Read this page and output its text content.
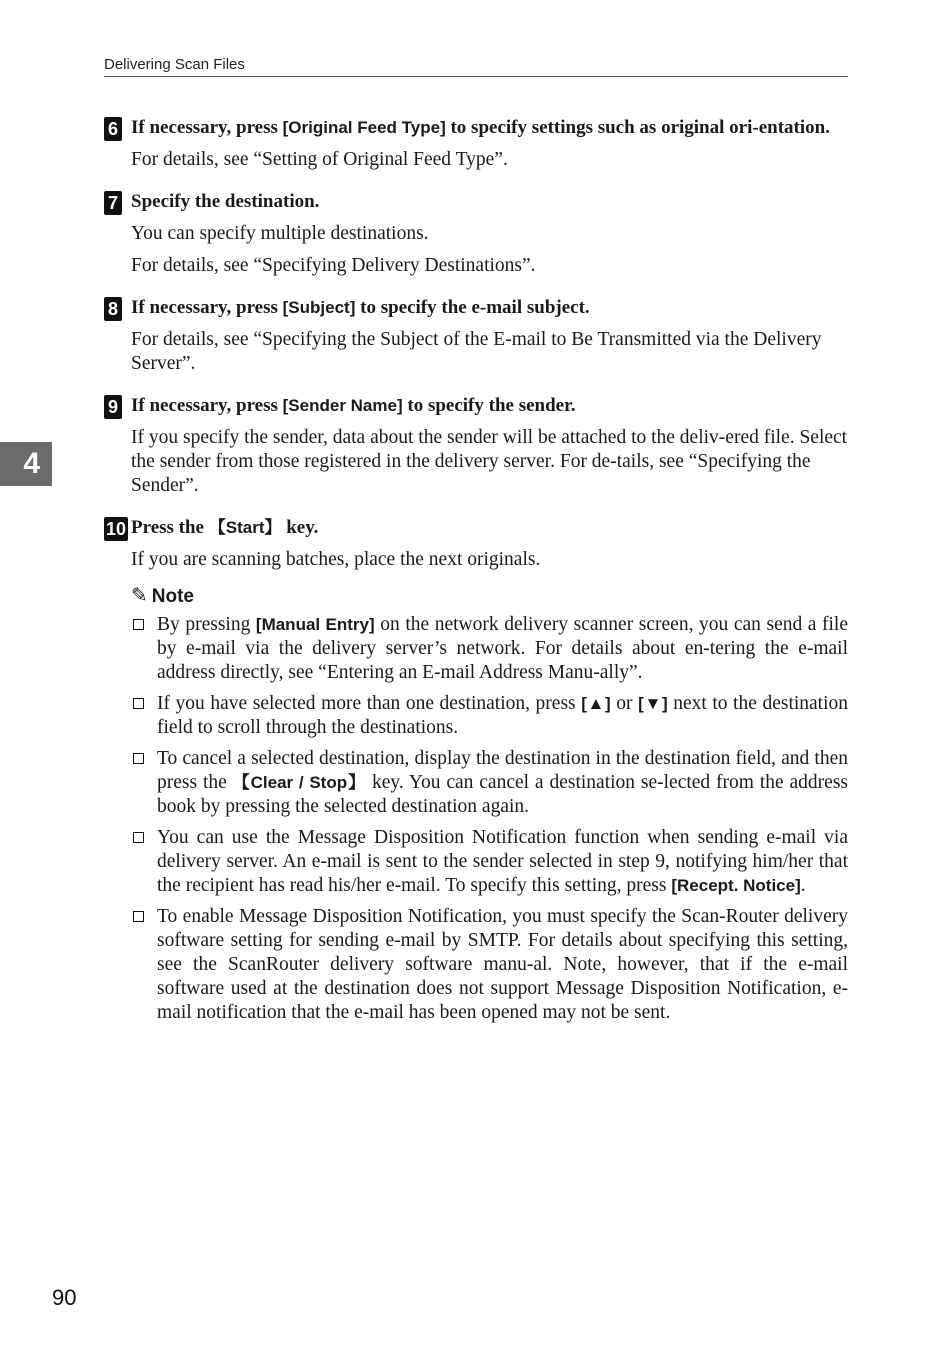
Delivering Scan Files
4
6 If necessary, press [Original Feed Type] to specify settings such as original ori-entation.

For details, see “Setting of Original Feed Type”.

7 Specify the destination.

You can specify multiple destinations.

For details, see “Specifying Delivery Destinations”.

8 If necessary, press [Subject] to specify the e-mail subject.

For details, see “Specifying the Subject of the E-mail to Be Transmitted via the Delivery Server”.

9 If necessary, press [Sender Name] to specify the sender.

If you specify the sender, data about the sender will be attached to the deliv-ered file. Select the sender from those registered in the delivery server. For de-tails, see “Specifying the Sender”.

10 Press the 【Start】 key.

If you are scanning batches, place the next originals.

✎ Note
By pressing [Manual Entry] on the network delivery scanner screen, you can send a file by e-mail via the delivery server’s network. For details about en-tering the e-mail address directly, see “Entering an E-mail Address Manu-ally”.
If you have selected more than one destination, press [▲] or [▼] next to the destination field to scroll through the destinations.
To cancel a selected destination, display the destination in the destination field, and then press the 【Clear / Stop】 key. You can cancel a destination se-lected from the address book by pressing the selected destination again.
You can use the Message Disposition Notification function when sending e-mail via delivery server. An e-mail is sent to the sender selected in step 9, notifying him/her that the recipient has read his/her e-mail. To specify this setting, press [Recept. Notice].
To enable Message Disposition Notification, you must specify the Scan-Router delivery software setting for sending e-mail by SMTP. For details about specifying this setting, see the ScanRouter delivery software manu-al. Note, however, that if the e-mail software used at the destination does not support Message Disposition Notification, e-mail notification that the e-mail has been opened may not be sent.
90
